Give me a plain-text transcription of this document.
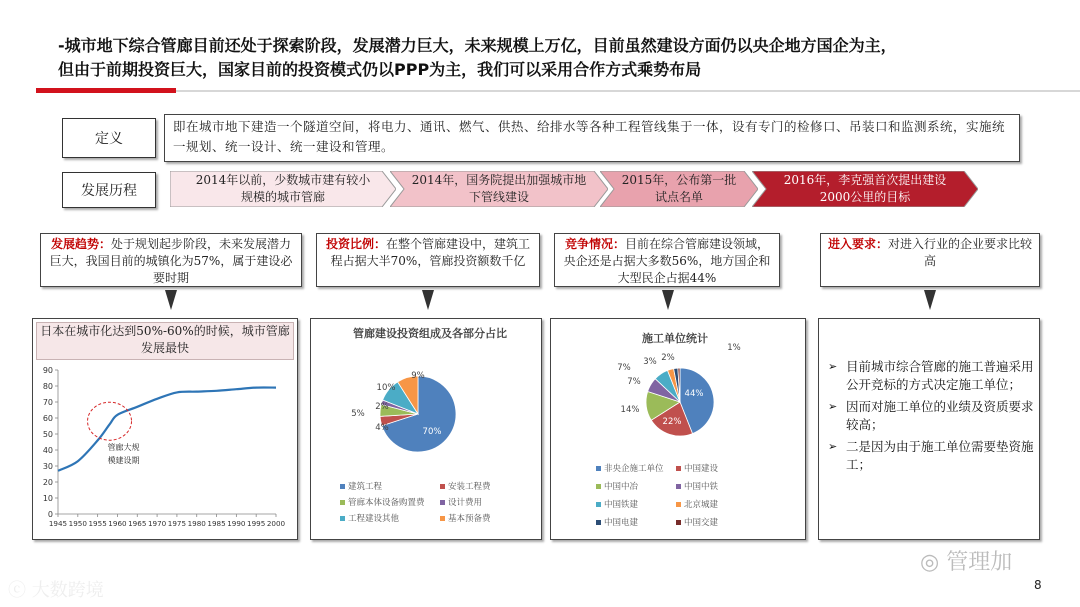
-城市地下综合管廊目前还处于探索阶段，发展潜力巨大，未来规模上万亿，目前虽然建设方面仍以央企地方国企为主，
但由于前期投资巨大，国家目前的投资模式仍以PPP为主，我们可以采用合作方式乘势布局
定义
即在城市地下建造一个隧道空间，将电力、通讯、燃气、供热、给排水等各种工程管线集于一体，设有专门的检修口、吊装口和监测系统，实施统一规划、统一设计、统一建设和管理。
发展历程
2014年以前，少数城市建有较小规模的城市管廊
2014年，国务院提出加强城市地下管线建设
2015年，公布第一批试点名单
2016年，李克强首次提出建设2000公里的目标
发展趋势：处于规划起步阶段，未来发展潜力巨大，我国目前的城镇化为57%，属于建设必要时期
投资比例：在整个管廊建设中，建筑工程占据大半70%，管廊投资额数千亿
竞争情况：目前在综合管廊建设领域，央企还是占据大多数56%，地方国企和大型民企占据44%
进入要求：对进入行业的企业要求比较高
日本在城市化达到50%-60%的时候，城市管廊发展最快
0
10
20
30
40
50
60
70
80
90
1945 1950 1955 1960 1965 1970 1975 1980 1985 1990 1995 2000
管廊大规
模建设期
管廊建设投资组成及各部分占比
70%
4%
5%
2%
10%
9%
建筑工程	安装工程费
管廊本体设备购置费	设计费用
工程建设其他	基本预备费
施工单位统计
44%
22%
14%
7%
7%
3% 2%
1%
非央企施工单位	中国建设
中国中冶	中国中铁
中国铁建	北京城建
中国电建	中国交建
➢ 目前城市综合管廊的施工普遍采用公开竞标的方式决定施工单位；
➢ 因而对施工单位的业绩及资质要求较高；
➢ 二是因为由于施工单位需要垫资施工；
ⓒ 大数跨境
◎ 管理加
8
